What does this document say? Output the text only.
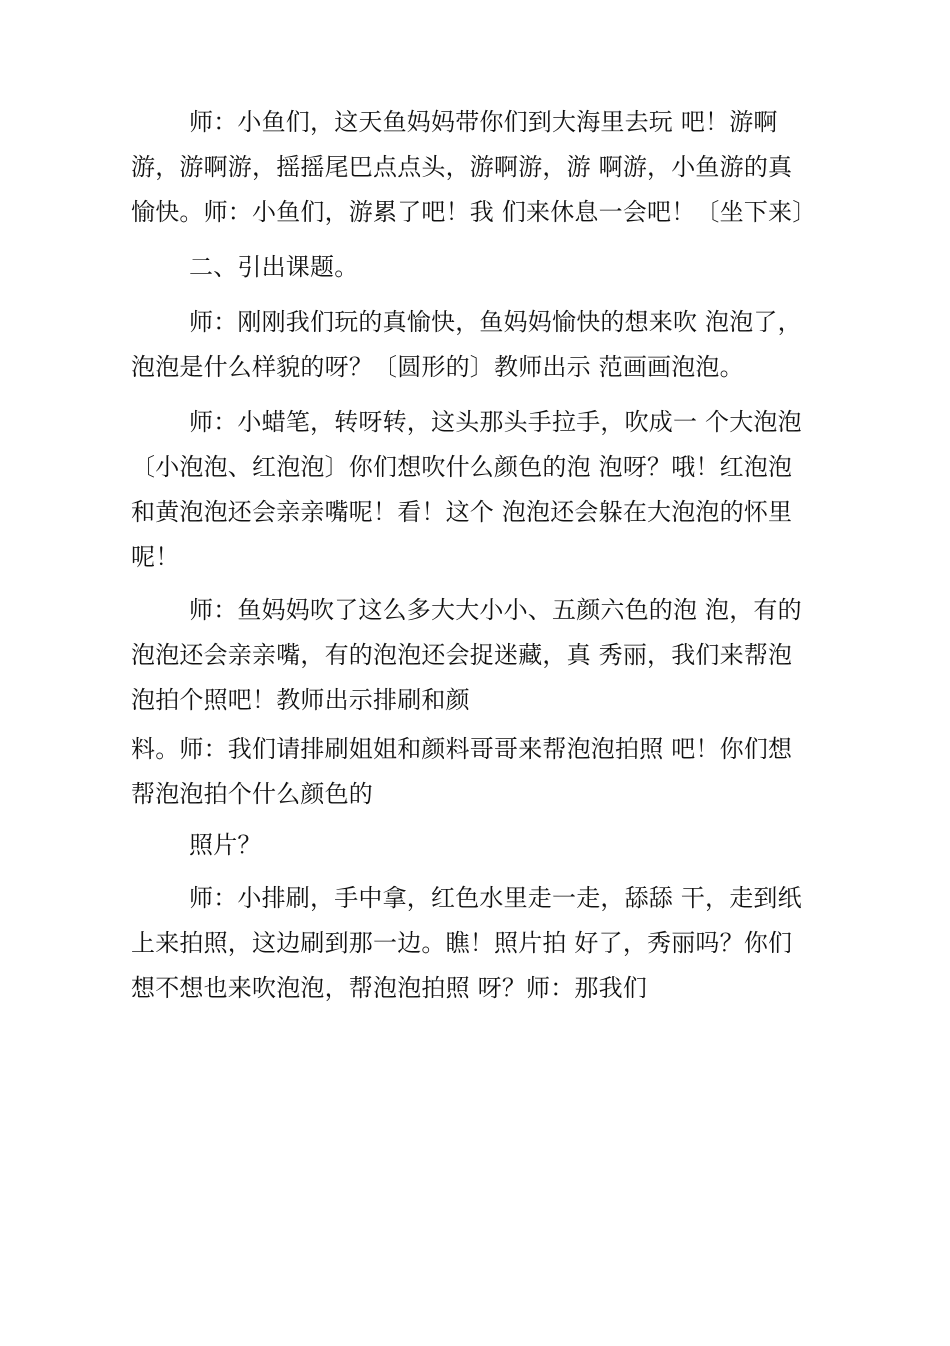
师：小鱼们，这天鱼妈妈带你们到大海里去玩 吧！游啊游，游啊游，摇摇尾巴点点头，游啊游，游 啊游，小鱼游的真愉快。师：小鱼们，游累了吧！我 们来休息一会吧！〔坐下来〕

二、引出课题。

师：刚刚我们玩的真愉快，鱼妈妈愉快的想来吹 泡泡了，泡泡是什么样貌的呀？〔圆形的〕教师出示 范画画泡泡。

师：小蜡笔，转呀转，这头那头手拉手，吹成一 个大泡泡〔小泡泡、红泡泡〕你们想吹什么颜色的泡 泡呀？哦！红泡泡和黄泡泡还会亲亲嘴呢！看！这个 泡泡还会躲在大泡泡的怀里呢！

师：鱼妈妈吹了这么多大大小小、五颜六色的泡 泡，有的泡泡还会亲亲嘴，有的泡泡还会捉迷藏，真 秀丽，我们来帮泡泡拍个照吧！教师出示排刷和颜

料。师：我们请排刷姐姐和颜料哥哥来帮泡泡拍照 吧！你们想帮泡泡拍个什么颜色的

照片？

师：小排刷，手中拿，红色水里走一走，舔舔 干，走到纸上来拍照，这边刷到那一边。瞧！照片拍 好了，秀丽吗？你们想不想也来吹泡泡，帮泡泡拍照 呀？师：那我们
